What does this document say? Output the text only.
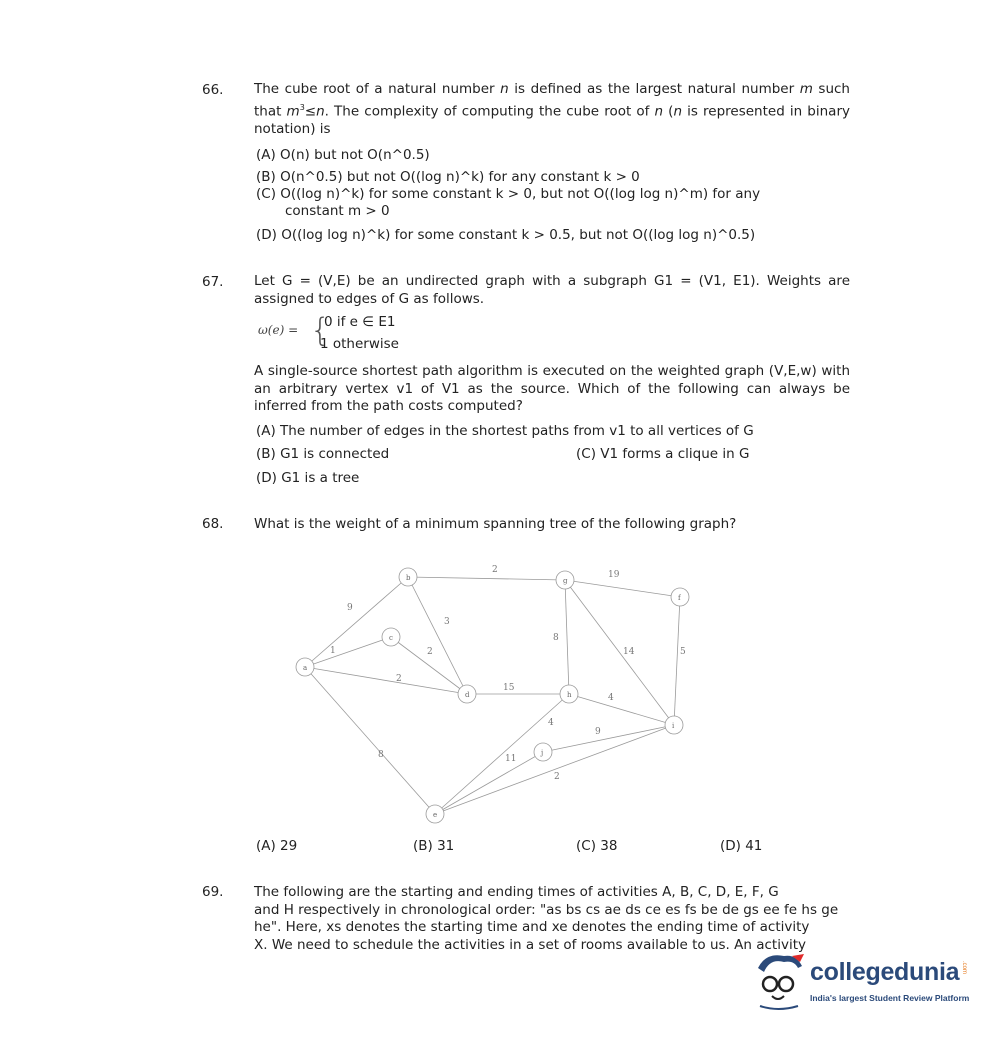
66. The cube root of a natural number n is defined as the largest natural number m such that $m^3\le n$. The complexity of computing the cube root of n (n is represented in binary notation) is
(A) O(n) but not O(n^0.5)
(B) O(n^0.5) but not O((log n)^k) for any constant k > 0
(C) O((log n)^k) for some constant k > 0, but not O((log log n)^m) for any
constant m > 0
(D) O((log log n)^k) for some constant k > 0.5, but not O((log log n)^0.5)
67. Let G = (V,E) be an undirected graph with a subgraph G1 = (V1, E1). Weights are assigned to edges of G as follows.
ω(e) = {
0 if e ∈ E1
1 otherwise
A single-source shortest path algorithm is executed on the weighted graph (V,E,w) with an arbitrary vertex v1 of V1 as the source. Which of the following can always be inferred from the path costs computed?
(A) The number of edges in the shortest paths from v1 to all vertices of G
(B) G1 is connected	(C) V1 forms a clique in G
(D) G1 is a tree
68. What is the weight of a minimum spanning tree of the following graph?
b	g
f
c
a
d	h
i
j
e
2	19
9
3
1	2
8
14	5
15
4
2
9
8	11
4
2
(A) 29	(B) 31	(C) 38	(D) 41
69. The following are the starting and ending times of activities A, B, C, D, E, F, G
and H respectively in chronological order: "as bs cs ae ds ce es fs be de gs ee fe hs ge
he". Here, xs denotes the starting time and xe denotes the ending time of activity
X. We need to schedule the activities in a set of rooms available to us. An activity
collegedunia .com
India's largest Student Review Platform
